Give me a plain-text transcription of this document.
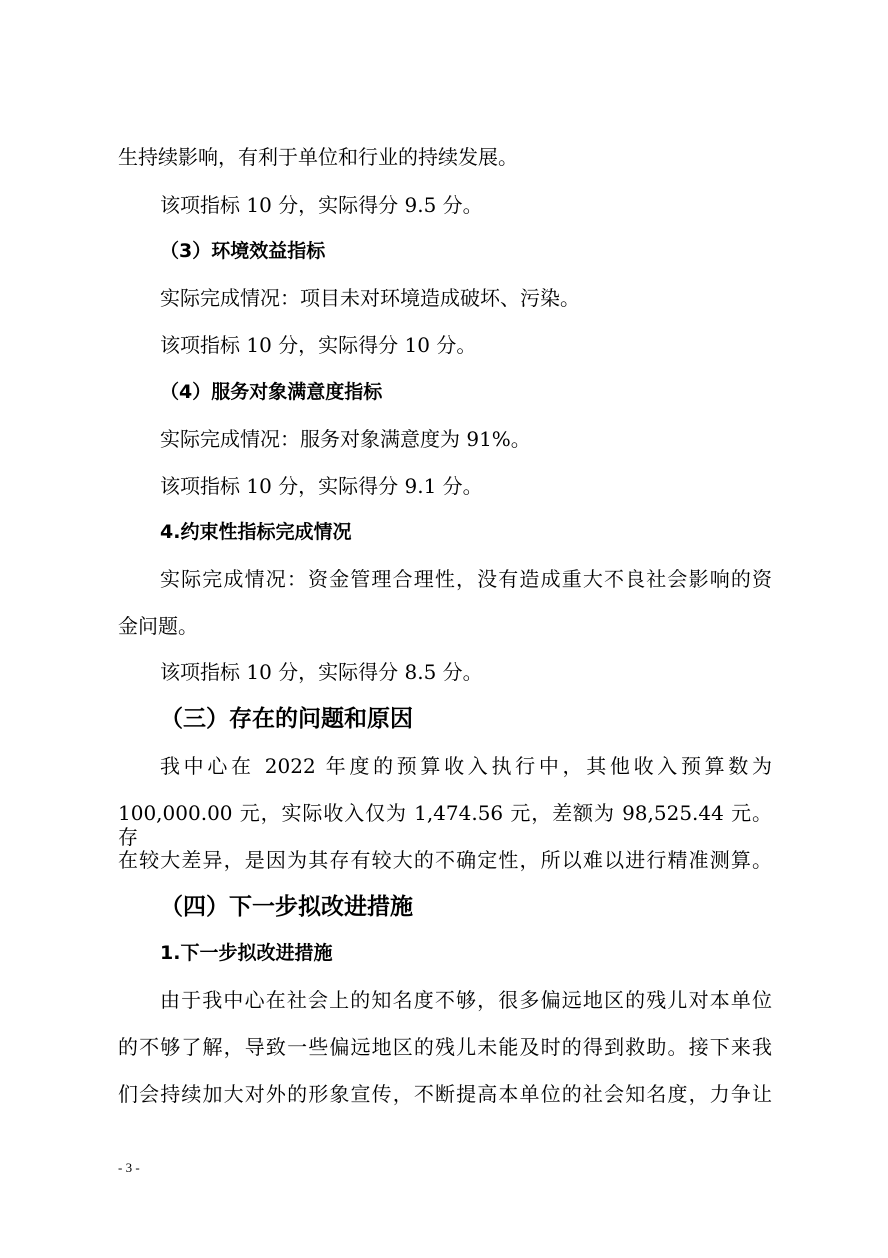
生持续影响，有利于单位和行业的持续发展。
该项指标 10 分，实际得分 9.5 分。
（3）环境效益指标
实际完成情况：项目未对环境造成破坏、污染。
该项指标 10 分，实际得分 10 分。
（4）服务对象满意度指标
实际完成情况：服务对象满意度为 91%。
该项指标 10 分，实际得分 9.1 分。
4.约束性指标完成情况
实际完成情况：资金管理合理性，没有造成重大不良社会影响的资
金问题。
该项指标 10 分，实际得分 8.5 分。
（三）存在的问题和原因
我中心在 2022 年度的预算收入执行中，其他收入预算数为
100,000.00 元，实际收入仅为 1,474.56 元，差额为 98,525.44 元。存
在较大差异，是因为其存有较大的不确定性，所以难以进行精准测算。
（四）下一步拟改进措施
1.下一步拟改进措施
由于我中心在社会上的知名度不够，很多偏远地区的残儿对本单位
的不够了解，导致一些偏远地区的残儿未能及时的得到救助。接下来我
们会持续加大对外的形象宣传，不断提高本单位的社会知名度，力争让
- 3 -
